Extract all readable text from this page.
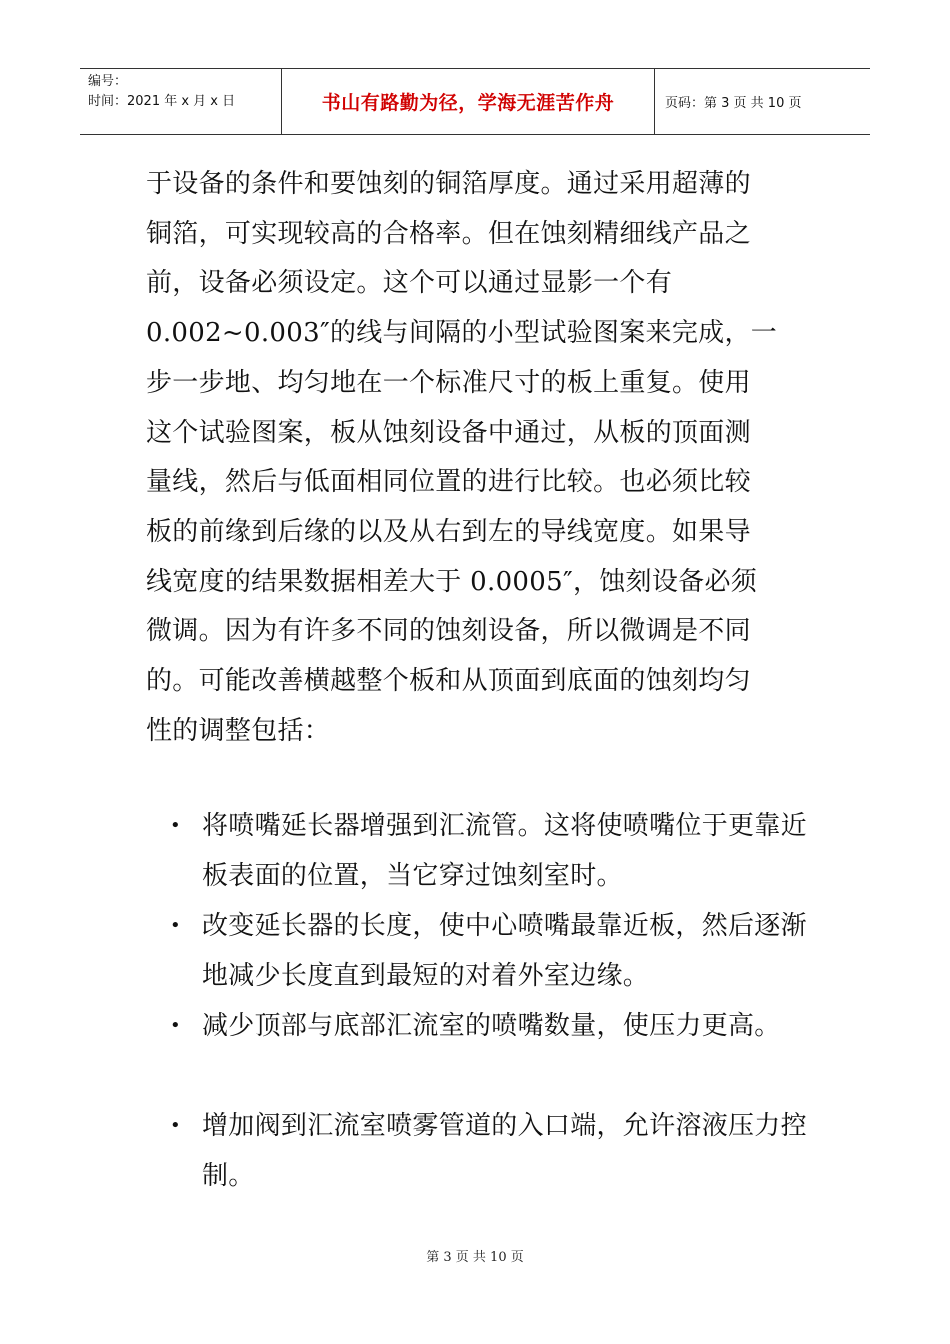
编号：
时间：2021 年 x 月 x 日	书山有路勤为径，学海无涯苦作舟	页码：第 3 页 共 10 页
于设备的条件和要蚀刻的铜箔厚度。通过采用超薄的
铜箔，可实现较高的合格率。但在蚀刻精细线产品之
前，设备必须设定。这个可以通过显影一个有
0.002~0.003″的线与间隔的小型试验图案来完成，一
步一步地、均匀地在一个标准尺寸的板上重复。使用
这个试验图案，板从蚀刻设备中通过，从板的顶面测
量线，然后与低面相同位置的进行比较。也必须比较
板的前缘到后缘的以及从右到左的导线宽度。如果导
线宽度的结果数据相差大于 0.0005″，蚀刻设备必须
微调。因为有许多不同的蚀刻设备，所以微调是不同
的。可能改善横越整个板和从顶面到底面的蚀刻均匀
性的调整包括：
• 将喷嘴延长器增强到汇流管。这将使喷嘴位于更靠近板表面的位置，当它穿过蚀刻室时。
• 改变延长器的长度，使中心喷嘴最靠近板，然后逐渐地减少长度直到最短的对着外室边缘。
• 减少顶部与底部汇流室的喷嘴数量，使压力更高。
• 增加阀到汇流室喷雾管道的入口端，允许溶液压力控制。
第 3 页 共 10 页
